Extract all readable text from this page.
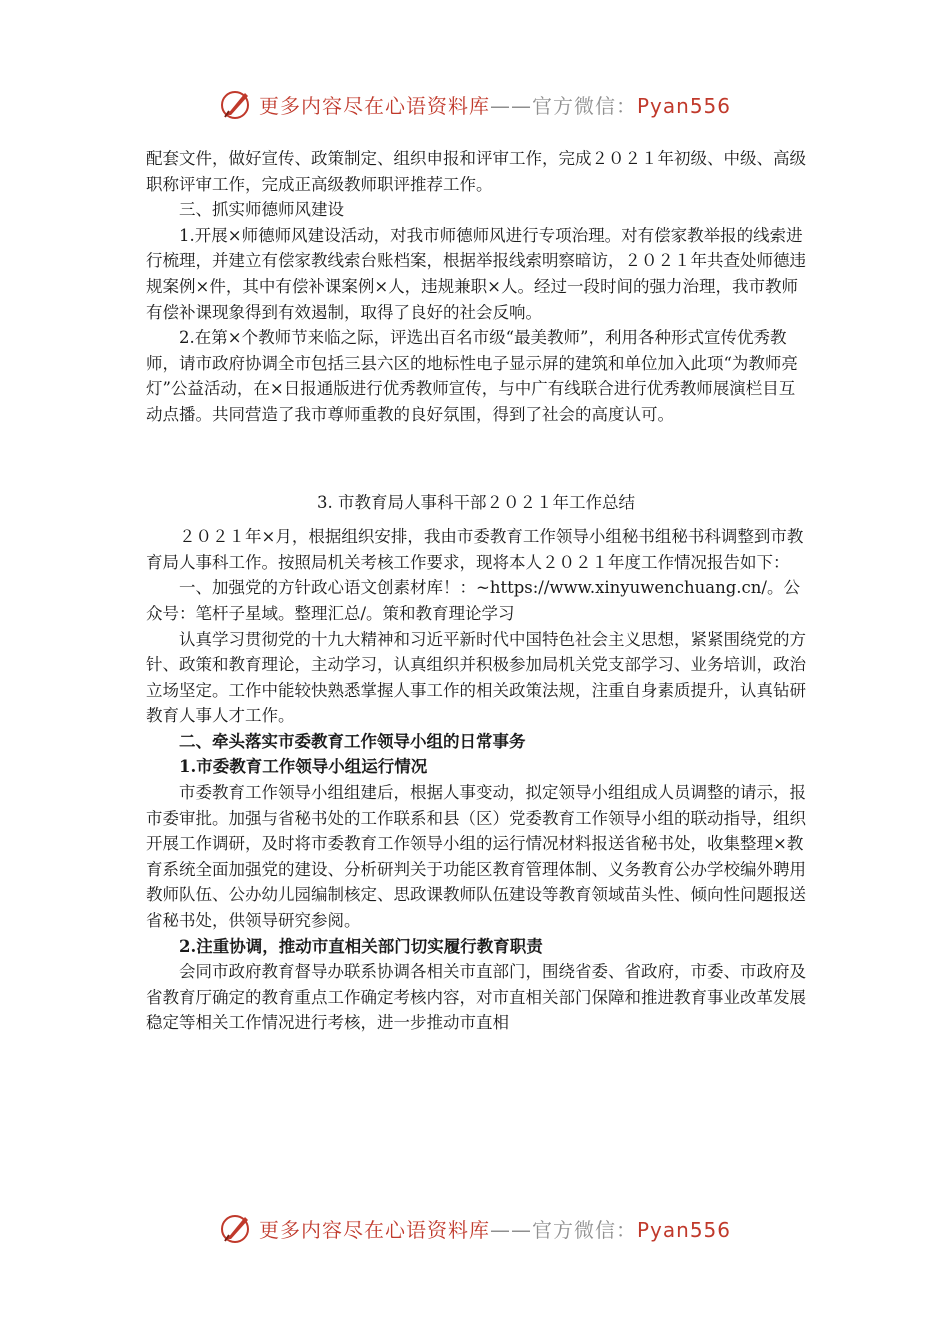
更多内容尽在心语资料库——官方微信：Pyan556

配套文件，做好宣传、政策制定、组织申报和评审工作，完成２０２１年初级、中级、高级职称评审工作，完成正高级教师职评推荐工作。

三、抓实师德师风建设

1.开展×师德师风建设活动，对我市师德师风进行专项治理。对有偿家教举报的线索进行梳理，并建立有偿家教线索台账档案，根据举报线索明察暗访，２０２１年共查处师德违规案例×件，其中有偿补课案例×人，违规兼职×人。经过一段时间的强力治理，我市教师有偿补课现象得到有效遏制，取得了良好的社会反响。

2.在第×个教师节来临之际，评选出百名市级“最美教师”，利用各种形式宣传优秀教师，请市政府协调全市包括三县六区的地标性电子显示屏的建筑和单位加入此项“为教师亮灯”公益活动，在×日报通版进行优秀教师宣传，与中广有线联合进行优秀教师展演栏目互动点播。共同营造了我市尊师重教的良好氛围，得到了社会的高度认可。

3. 市教育局人事科干部２０２１年工作总结

２０２１年×月，根据组织安排，我由市委教育工作领导小组秘书组秘书科调整到市教育局人事科工作。按照局机关考核工作要求，现将本人２０２１年度工作情况报告如下：

一、加强党的方针政心语文创素材库！：~https://www.xinyuwenchuang.cn/。公众号：笔杆子星域。整理汇总/。策和教育理论学习

认真学习贯彻党的十九大精神和习近平新时代中国特色社会主义思想，紧紧围绕党的方针、政策和教育理论，主动学习，认真组织并积极参加局机关党支部学习、业务培训，政治立场坚定。工作中能较快熟悉掌握人事工作的相关政策法规，注重自身素质提升，认真钻研教育人事人才工作。

二、牵头落实市委教育工作领导小组的日常事务

1.市委教育工作领导小组运行情况

市委教育工作领导小组组建后，根据人事变动，拟定领导小组组成人员调整的请示，报市委审批。加强与省秘书处的工作联系和县（区）党委教育工作领导小组的联动指导，组织开展工作调研，及时将市委教育工作领导小组的运行情况材料报送省秘书处，收集整理×教育系统全面加强党的建设、分析研判关于功能区教育管理体制、义务教育公办学校编外聘用教师队伍、公办幼儿园编制核定、思政课教师队伍建设等教育领域苗头性、倾向性问题报送省秘书处，供领导研究参阅。

2.注重协调，推动市直相关部门切实履行教育职责

会同市政府教育督导办联系协调各相关市直部门，围绕省委、省政府，市委、市政府及省教育厅确定的教育重点工作确定考核内容，对市直相关部门保障和推进教育事业改革发展稳定等相关工作情况进行考核，进一步推动市直相

更多内容尽在心语资料库——官方微信：Pyan556
